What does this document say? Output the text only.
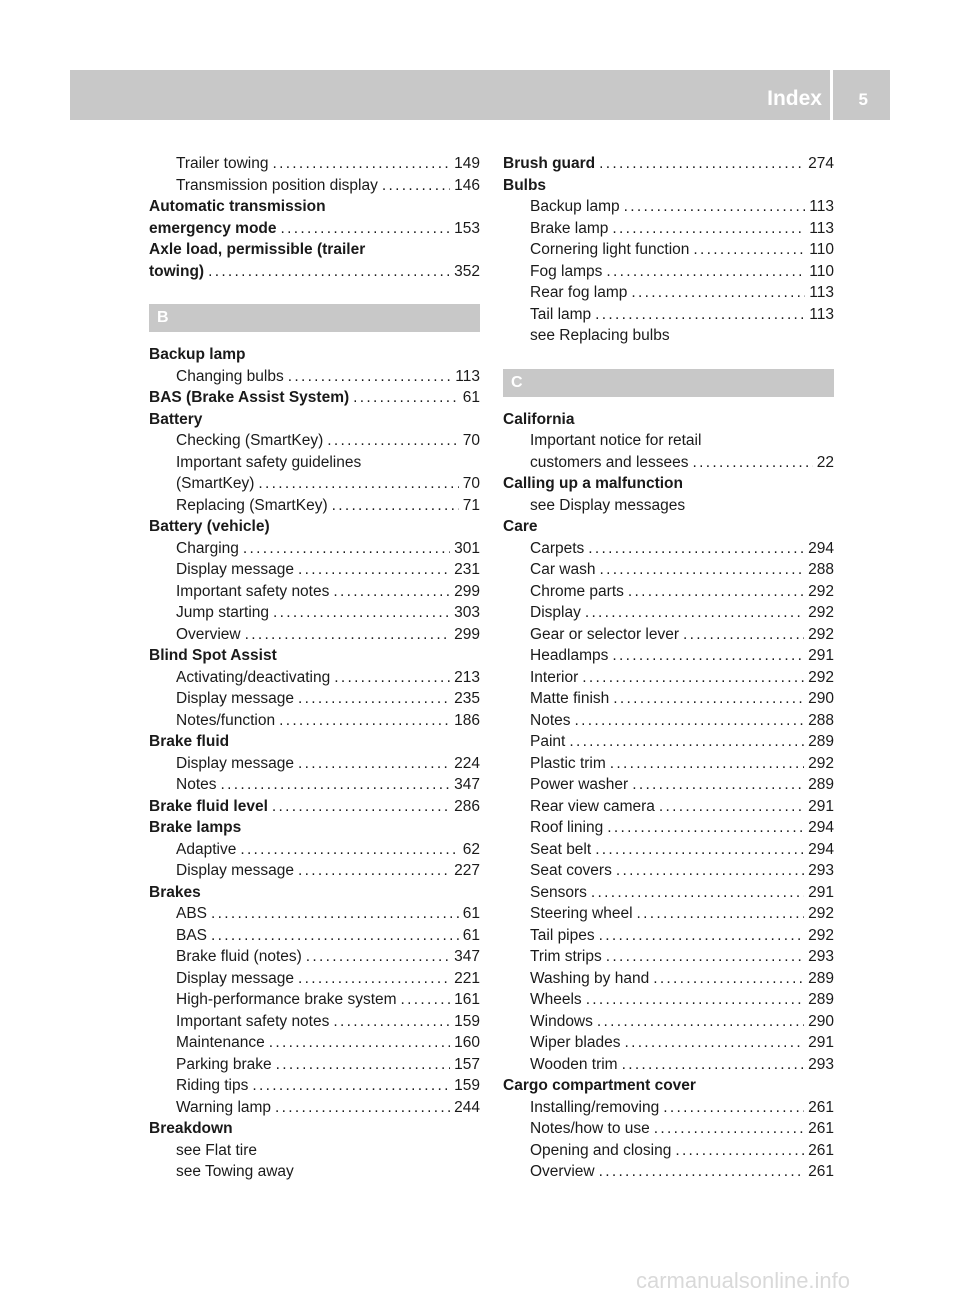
Index 5
Trailer towing . . .	149
Transmission position display . . .	146
Automatic transmission
emergency mode . . .	153
Axle load, permissible (trailer
towing) . . .	352
B
Backup lamp
Changing bulbs . . .	113
BAS (Brake Assist System) . . .	61
Battery
Checking (SmartKey) . . .	70
Important safety guidelines
(SmartKey) . . .	70
Replacing (SmartKey) . . .	71
Battery (vehicle)
Charging . . .	301
Display message . . .	231
Important safety notes . . .	299
Jump starting . . .	303
Overview . . .	299
Blind Spot Assist
Activating/deactivating . . .	213
Display message . . .	235
Notes/function . . .	186
Brake fluid
Display message . . .	224
Notes . . .	347
Brake fluid level . . .	286
Brake lamps
Adaptive . . .	62
Display message . . .	227
Brakes
ABS . . .	61
BAS . . .	61
Brake fluid (notes) . . .	347
Display message . . .	221
High-performance brake system . . .	161
Important safety notes . . .	159
Maintenance . . .	160
Parking brake . . .	157
Riding tips . . .	159
Warning lamp . . .	244
Breakdown
see Flat tire
see Towing away
Brush guard . . .	274
Bulbs
Backup lamp . . .	113
Brake lamp . . .	113
Cornering light function . . .	110
Fog lamps . . .	110
Rear fog lamp . . .	113
Tail lamp . . .	113
see Replacing bulbs
C
California
Important notice for retail
customers and lessees . . .	22
Calling up a malfunction
see Display messages
Care
Carpets . . .	294
Car wash . . .	288
Chrome parts . . .	292
Display . . .	292
Gear or selector lever . . .	292
Headlamps . . .	291
Interior . . .	292
Matte finish . . .	290
Notes . . .	288
Paint . . .	289
Plastic trim . . .	292
Power washer . . .	289
Rear view camera . . .	291
Roof lining . . .	294
Seat belt . . .	294
Seat covers . . .	293
Sensors . . .	291
Steering wheel . . .	292
Tail pipes . . .	292
Trim strips . . .	293
Washing by hand . . .	289
Wheels . . .	289
Windows . . .	290
Wiper blades . . .	291
Wooden trim . . .	293
Cargo compartment cover
Installing/removing . . .	261
Notes/how to use . . .	261
Opening and closing . . .	261
Overview . . .	261
carmanualsonline.info
